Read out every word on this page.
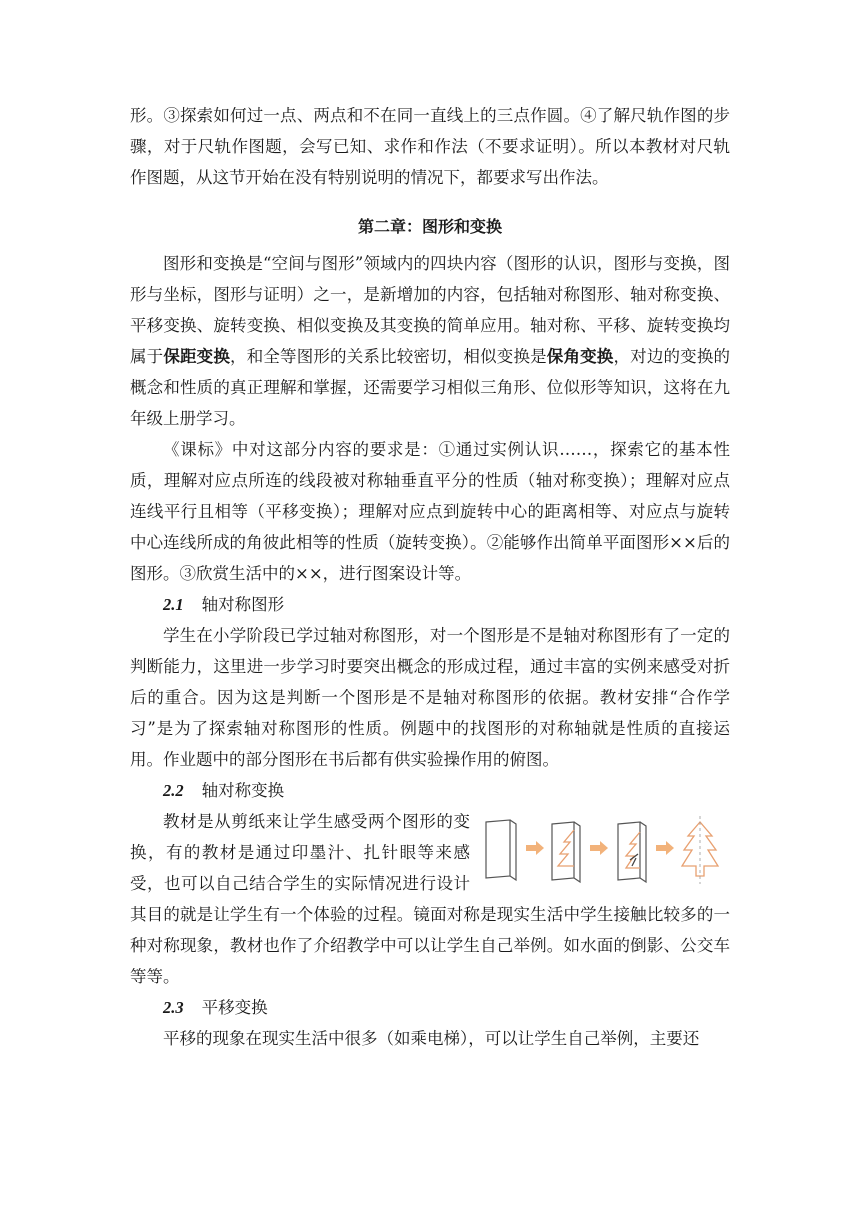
形。③探索如何过一点、两点和不在同一直线上的三点作圆。④了解尺轨作图的步骤，对于尺轨作图题，会写已知、求作和作法（不要求证明）。所以本教材对尺轨作图题，从这节开始在没有特别说明的情况下，都要求写出作法。

第二章：图形和变换

图形和变换是“空间与图形”领域内的四块内容（图形的认识，图形与变换，图形与坐标，图形与证明）之一，是新增加的内容，包括轴对称图形、轴对称变换、平移变换、旋转变换、相似变换及其变换的简单应用。轴对称、平移、旋转变换均属于保距变换，和全等图形的关系比较密切，相似变换是保角变换，对边的变换的概念和性质的真正理解和掌握，还需要学习相似三角形、位似形等知识，这将在九年级上册学习。

《课标》中对这部分内容的要求是：①通过实例认识……，探索它的基本性质，理解对应点所连的线段被对称轴垂直平分的性质（轴对称变换）；理解对应点连线平行且相等（平移变换）；理解对应点到旋转中心的距离相等、对应点与旋转中心连线所成的角彼此相等的性质（旋转变换）。②能够作出简单平面图形××后的图形。③欣赏生活中的××，进行图案设计等。

2.1 轴对称图形

学生在小学阶段已学过轴对称图形，对一个图形是不是轴对称图形有了一定的判断能力，这里进一步学习时要突出概念的形成过程，通过丰富的实例来感受对折后的重合。因为这是判断一个图形是不是轴对称图形的依据。教材安排“合作学习”是为了探索轴对称图形的性质。例题中的找图形的对称轴就是性质的直接运用。作业题中的部分图形在书后都有供实验操作用的俯图。

2.2 轴对称变换

教材是从剪纸来让学生感受两个图形的变换，有的教材是通过印墨汁、扎针眼等来感受，也可以自己结合学生的实际情况进行设计其目的就是让学生有一个体验的过程。镜面对称是现实生活中学生接触比较多的一种对称现象，教材也作了介绍教学中可以让学生自己举例。如水面的倒影、公交车等等。

2.3 平移变换

平移的现象在现实生活中很多（如乘电梯），可以让学生自己举例，主要还
